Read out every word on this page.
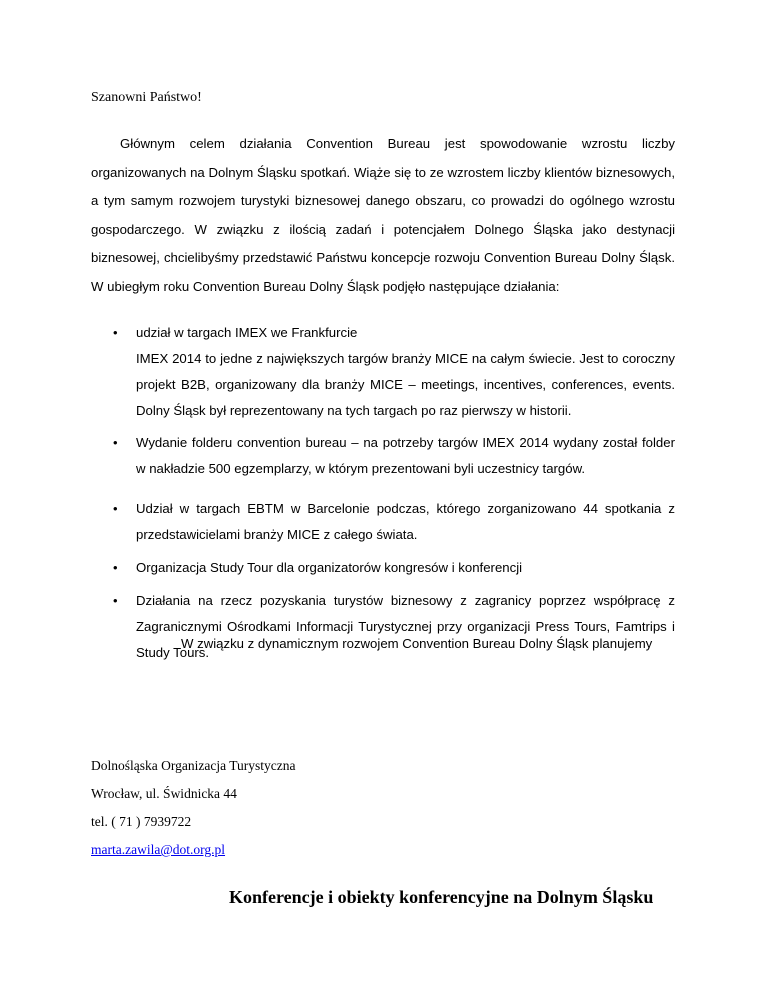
Szanowni Państwo!

Głównym celem działania Convention Bureau jest spowodowanie wzrostu liczby organizowanych na Dolnym Śląsku spotkań. Wiąże się to ze wzrostem liczby klientów biznesowych, a tym samym rozwojem turystyki biznesowej danego obszaru, co prowadzi do ogólnego wzrostu gospodarczego. W związku z ilością zadań i potencjałem Dolnego Śląska jako destynacji biznesowej, chcielibyśmy przedstawić Państwu koncepcje rozwoju Convention Bureau Dolny Śląsk. W ubiegłym roku Convention Bureau Dolny Śląsk podjęło następujące działania:

• udział w targach IMEX we Frankfurcie

IMEX 2014 to jedne z największych targów branży MICE na całym świecie. Jest to coroczny projekt B2B, organizowany dla branży MICE – meetings, incentives, conferences, events. Dolny Śląsk był reprezentowany na tych targach po raz pierwszy w historii.

• Wydanie folderu convention bureau – na potrzeby targów IMEX 2014 wydany został folder w nakładzie 500 egzemplarzy, w którym prezentowani byli uczestnicy targów.

• Udział w targach EBTM w Barcelonie podczas, którego zorganizowano 44 spotkania z przedstawicielami branży MICE z całego świata.

• Organizacja Study Tour dla organizatorów kongresów i konferencji

• Działania na rzecz pozyskania turystów biznesowy z zagranicy poprzez współpracę z Zagranicznymi Ośrodkami Informacji Turystycznej przy organizacji Press Tours, Famtrips i Study Tours.

W związku z dynamicznym rozwojem Convention Bureau Dolny Śląsk planujemy
Dolnośląska Organizacja Turystyczna
Wrocław, ul. Świdnicka 44
tel. ( 71 ) 7939722
marta.zawila@dot.org.pl
Konferencje i obiekty konferencyjne na Dolnym Śląsku
